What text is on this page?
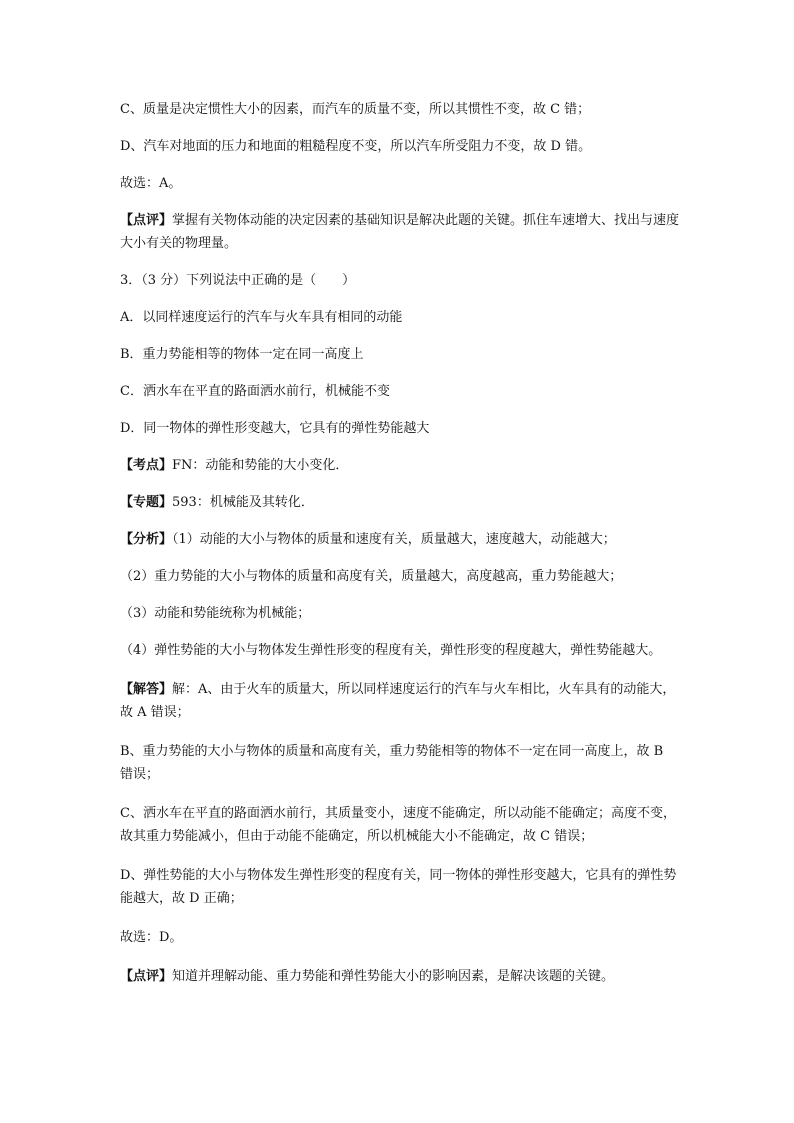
C、质量是决定惯性大小的因素，而汽车的质量不变，所以其惯性不变，故 C 错；

D、汽车对地面的压力和地面的粗糙程度不变，所以汽车所受阻力不变，故 D 错。

故选：A。

【点评】掌握有关物体动能的决定因素的基础知识是解决此题的关键。抓住车速增大、找出与速度大小有关的物理量。

3．（3 分）下列说法中正确的是（　　）

A．以同样速度运行的汽车与火车具有相同的动能

B．重力势能相等的物体一定在同一高度上

C．洒水车在平直的路面洒水前行，机械能不变

D．同一物体的弹性形变越大，它具有的弹性势能越大

【考点】FN：动能和势能的大小变化．

【专题】593：机械能及其转化．

【分析】（1）动能的大小与物体的质量和速度有关，质量越大，速度越大，动能越大；

（2）重力势能的大小与物体的质量和高度有关，质量越大，高度越高，重力势能越大；

（3）动能和势能统称为机械能；

（4）弹性势能的大小与物体发生弹性形变的程度有关，弹性形变的程度越大，弹性势能越大。

【解答】解：A、由于火车的质量大，所以同样速度运行的汽车与火车相比，火车具有的动能大，故 A 错误；

B、重力势能的大小与物体的质量和高度有关，重力势能相等的物体不一定在同一高度上，故 B 错误；

C、洒水车在平直的路面洒水前行，其质量变小，速度不能确定，所以动能不能确定；高度不变，故其重力势能减小，但由于动能不能确定，所以机械能大小不能确定，故 C 错误；

D、弹性势能的大小与物体发生弹性形变的程度有关，同一物体的弹性形变越大，它具有的弹性势能越大，故 D 正确；

故选：D。

【点评】知道并理解动能、重力势能和弹性势能大小的影响因素，是解决该题的关键。
